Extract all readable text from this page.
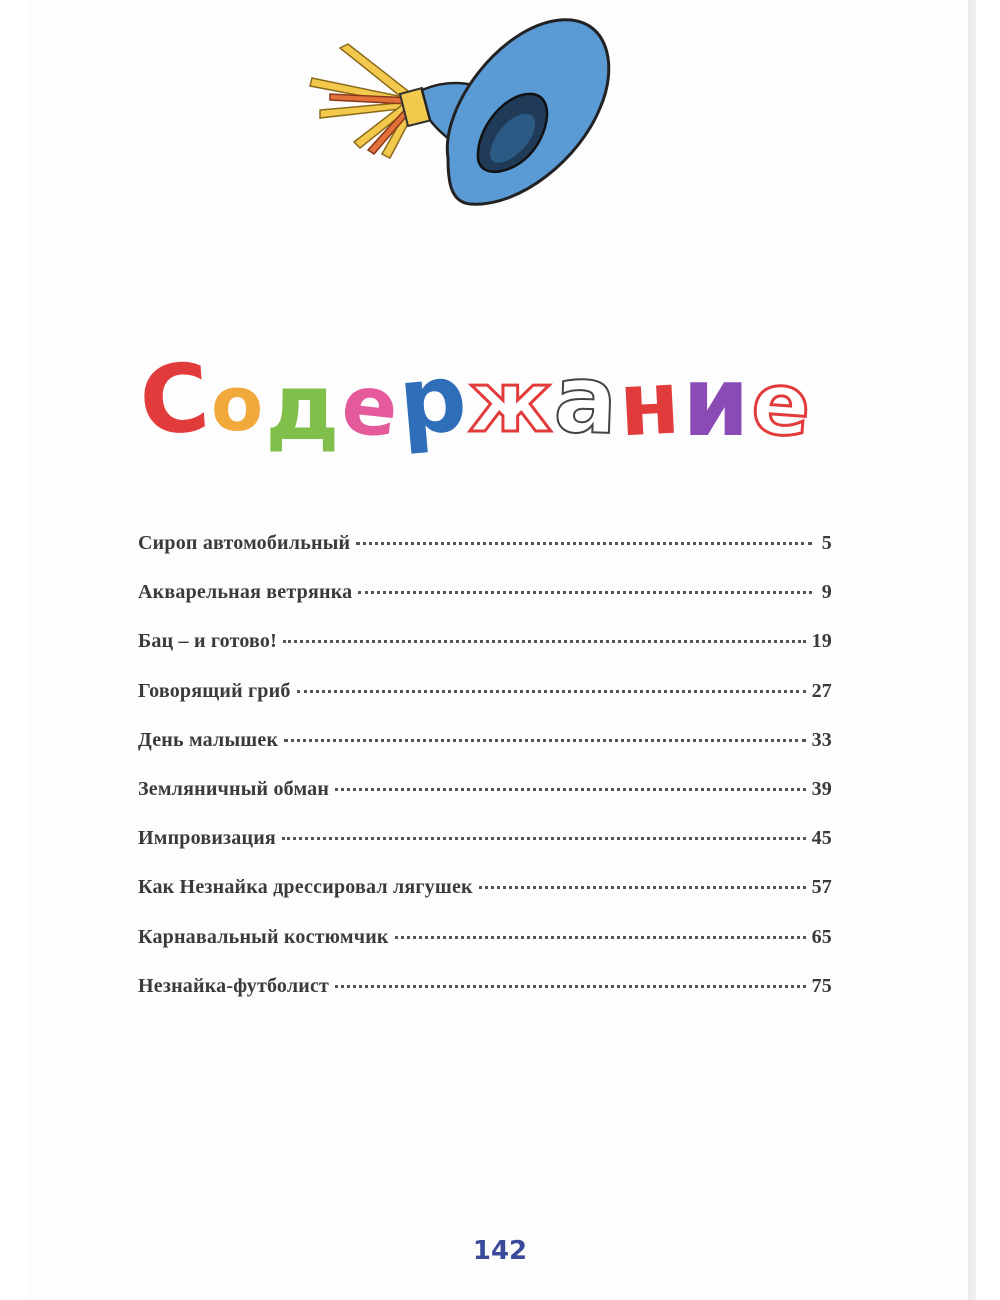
С
о д
е
р
ж а
н и
е
Сироп автомобильный	5
Акварельная ветрянка	9
Бац – и готово!	19
Говорящий гриб	27
День малышек	33
Земляничный обман	39
Импровизация	45
Как Незнайка дрессировал лягушек	57
Карнавальный костюмчик	65
Незнайка-футболист	75
142
